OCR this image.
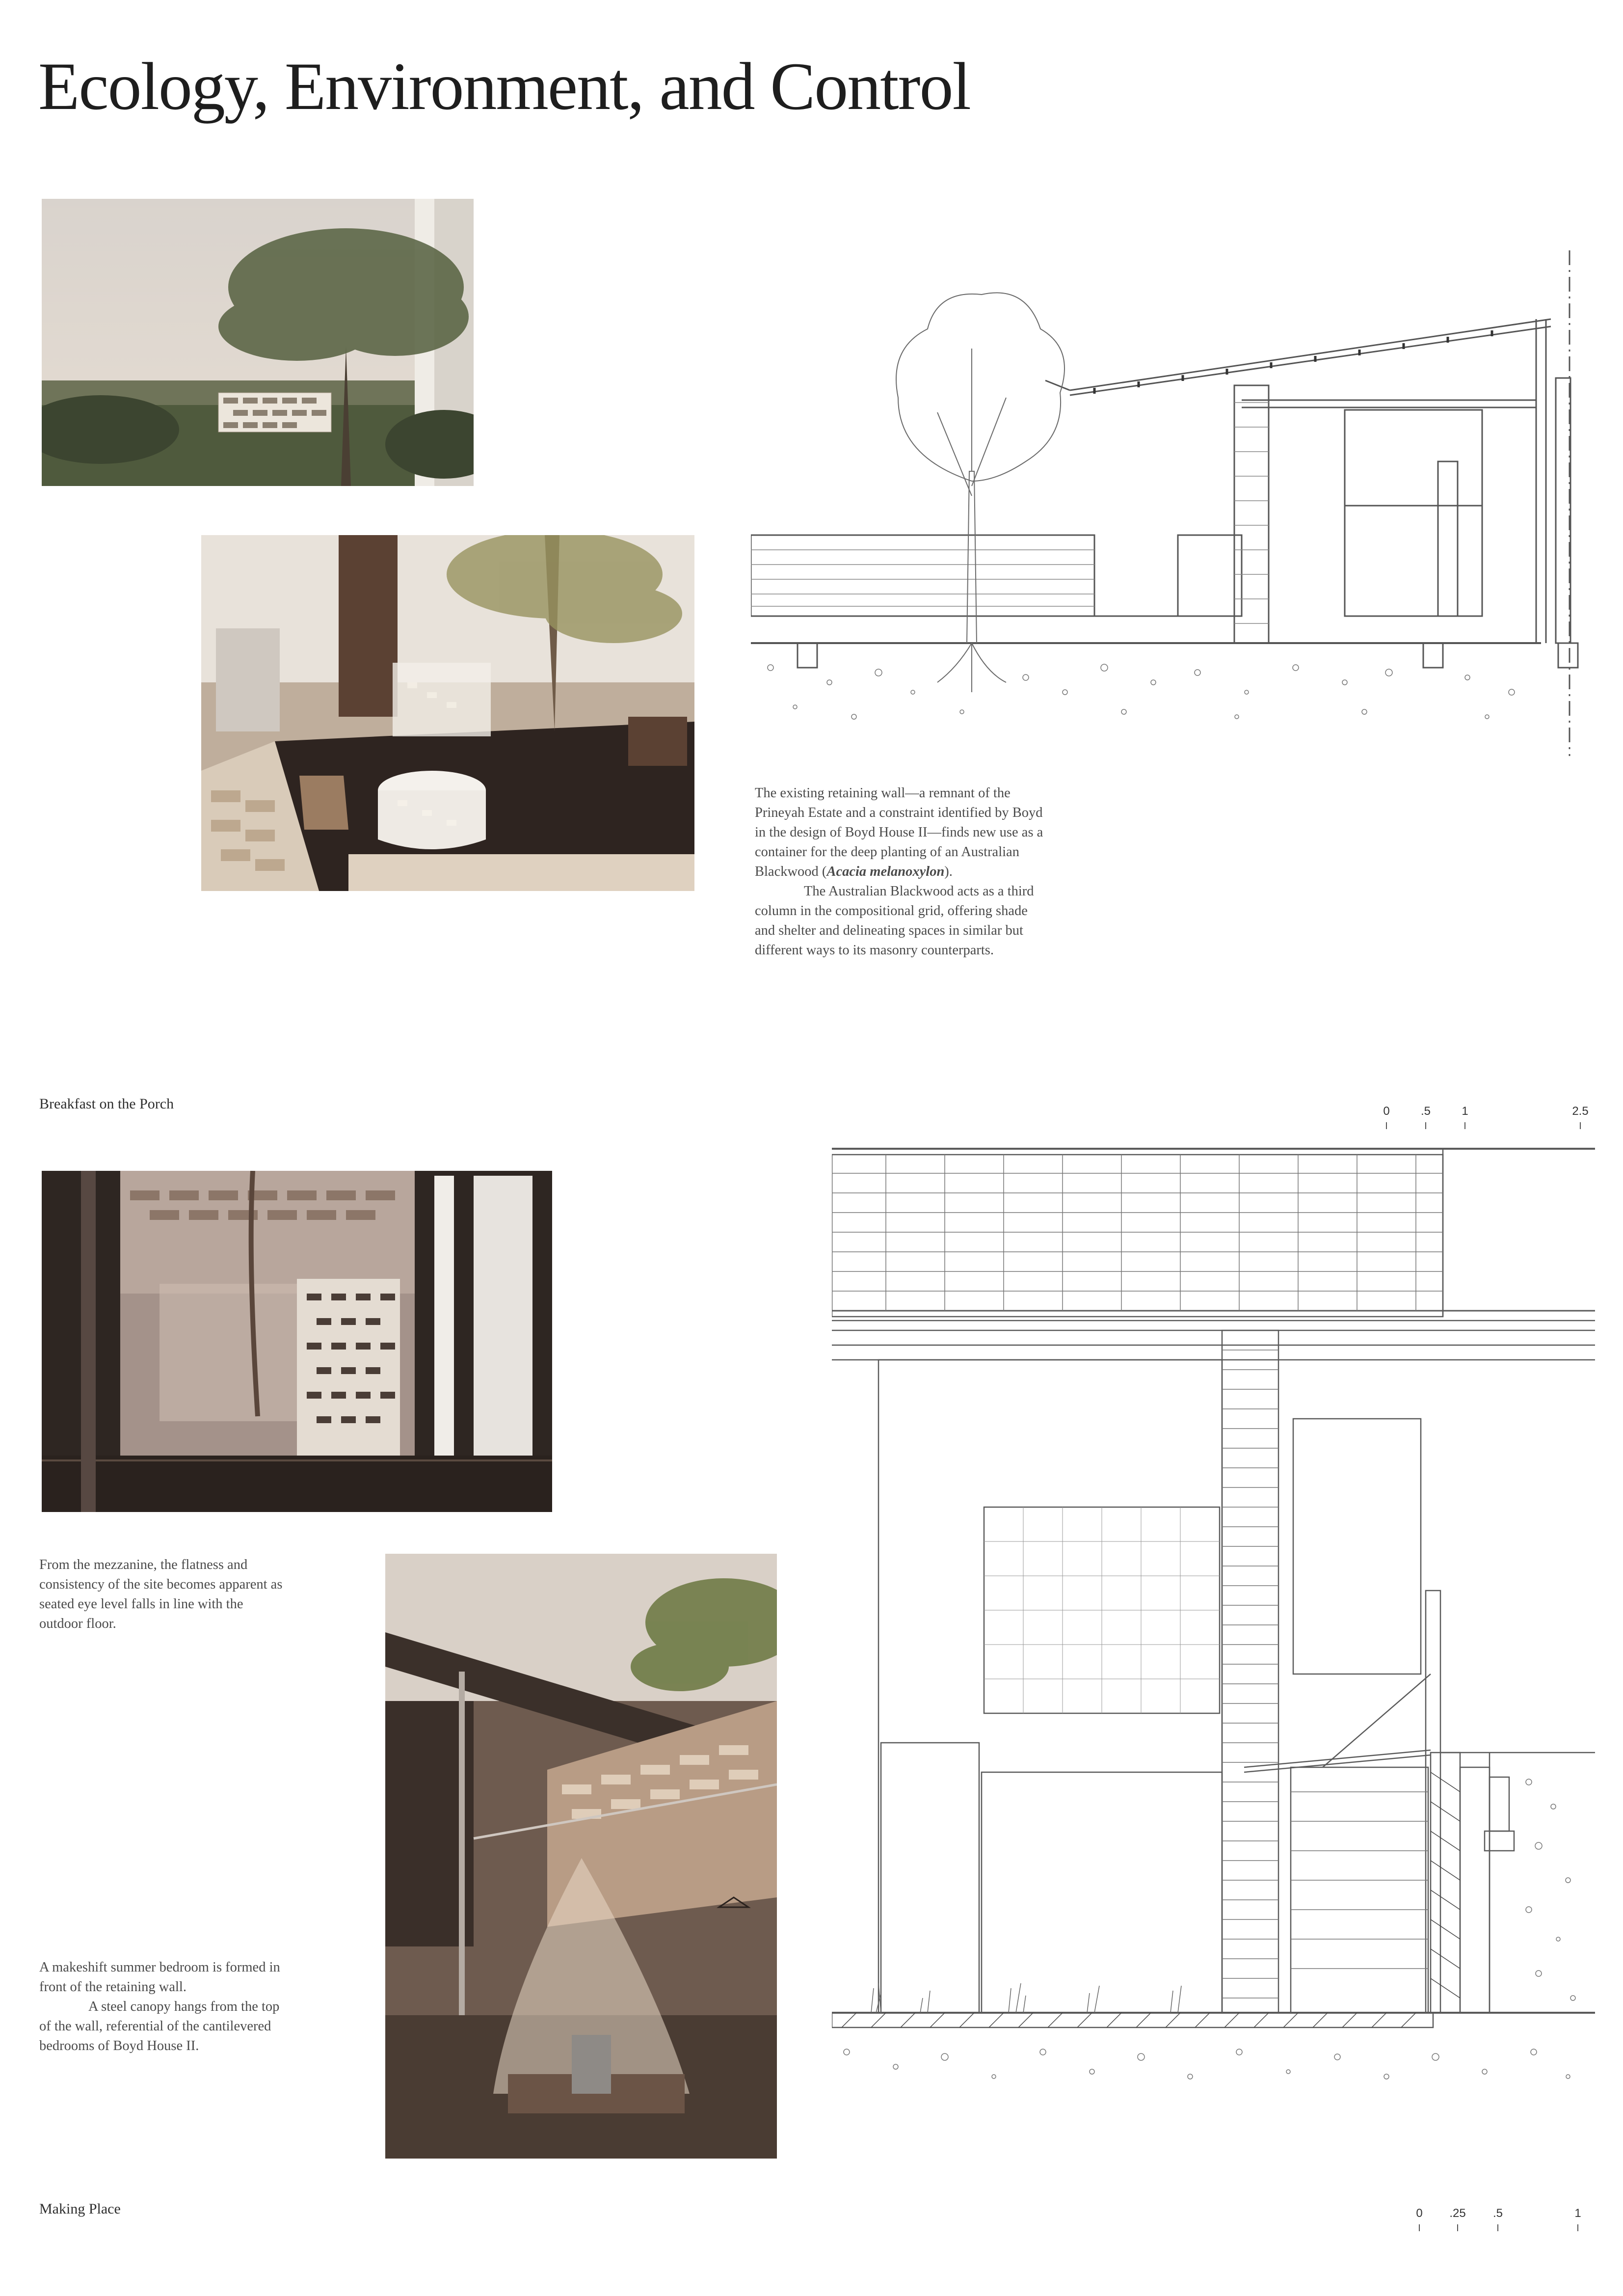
Ecology, Environment, and Control

The existing retaining wall—a remnant of the Prineyah Estate and a constraint identified by Boyd in the design of Boyd House II—finds new use as a container for the deep planting of an Australian Blackwood (Acacia melanoxylon).

The Australian Blackwood acts as a third column in the compositional grid, offering shade and shelter and delineating spaces in similar but different ways to its masonry counterparts.

Breakfast on the Porch	0	.5	1	2.5
From the mezzanine, the flatness and consistency of the site becomes apparent as seated eye level falls in line with the outdoor floor.

A makeshift summer bedroom is formed in front of the retaining wall.

A steel canopy hangs from the top of the wall, referential of the cantilevered bedrooms of Boyd House II.

Making Place	0 .25 .5	1
